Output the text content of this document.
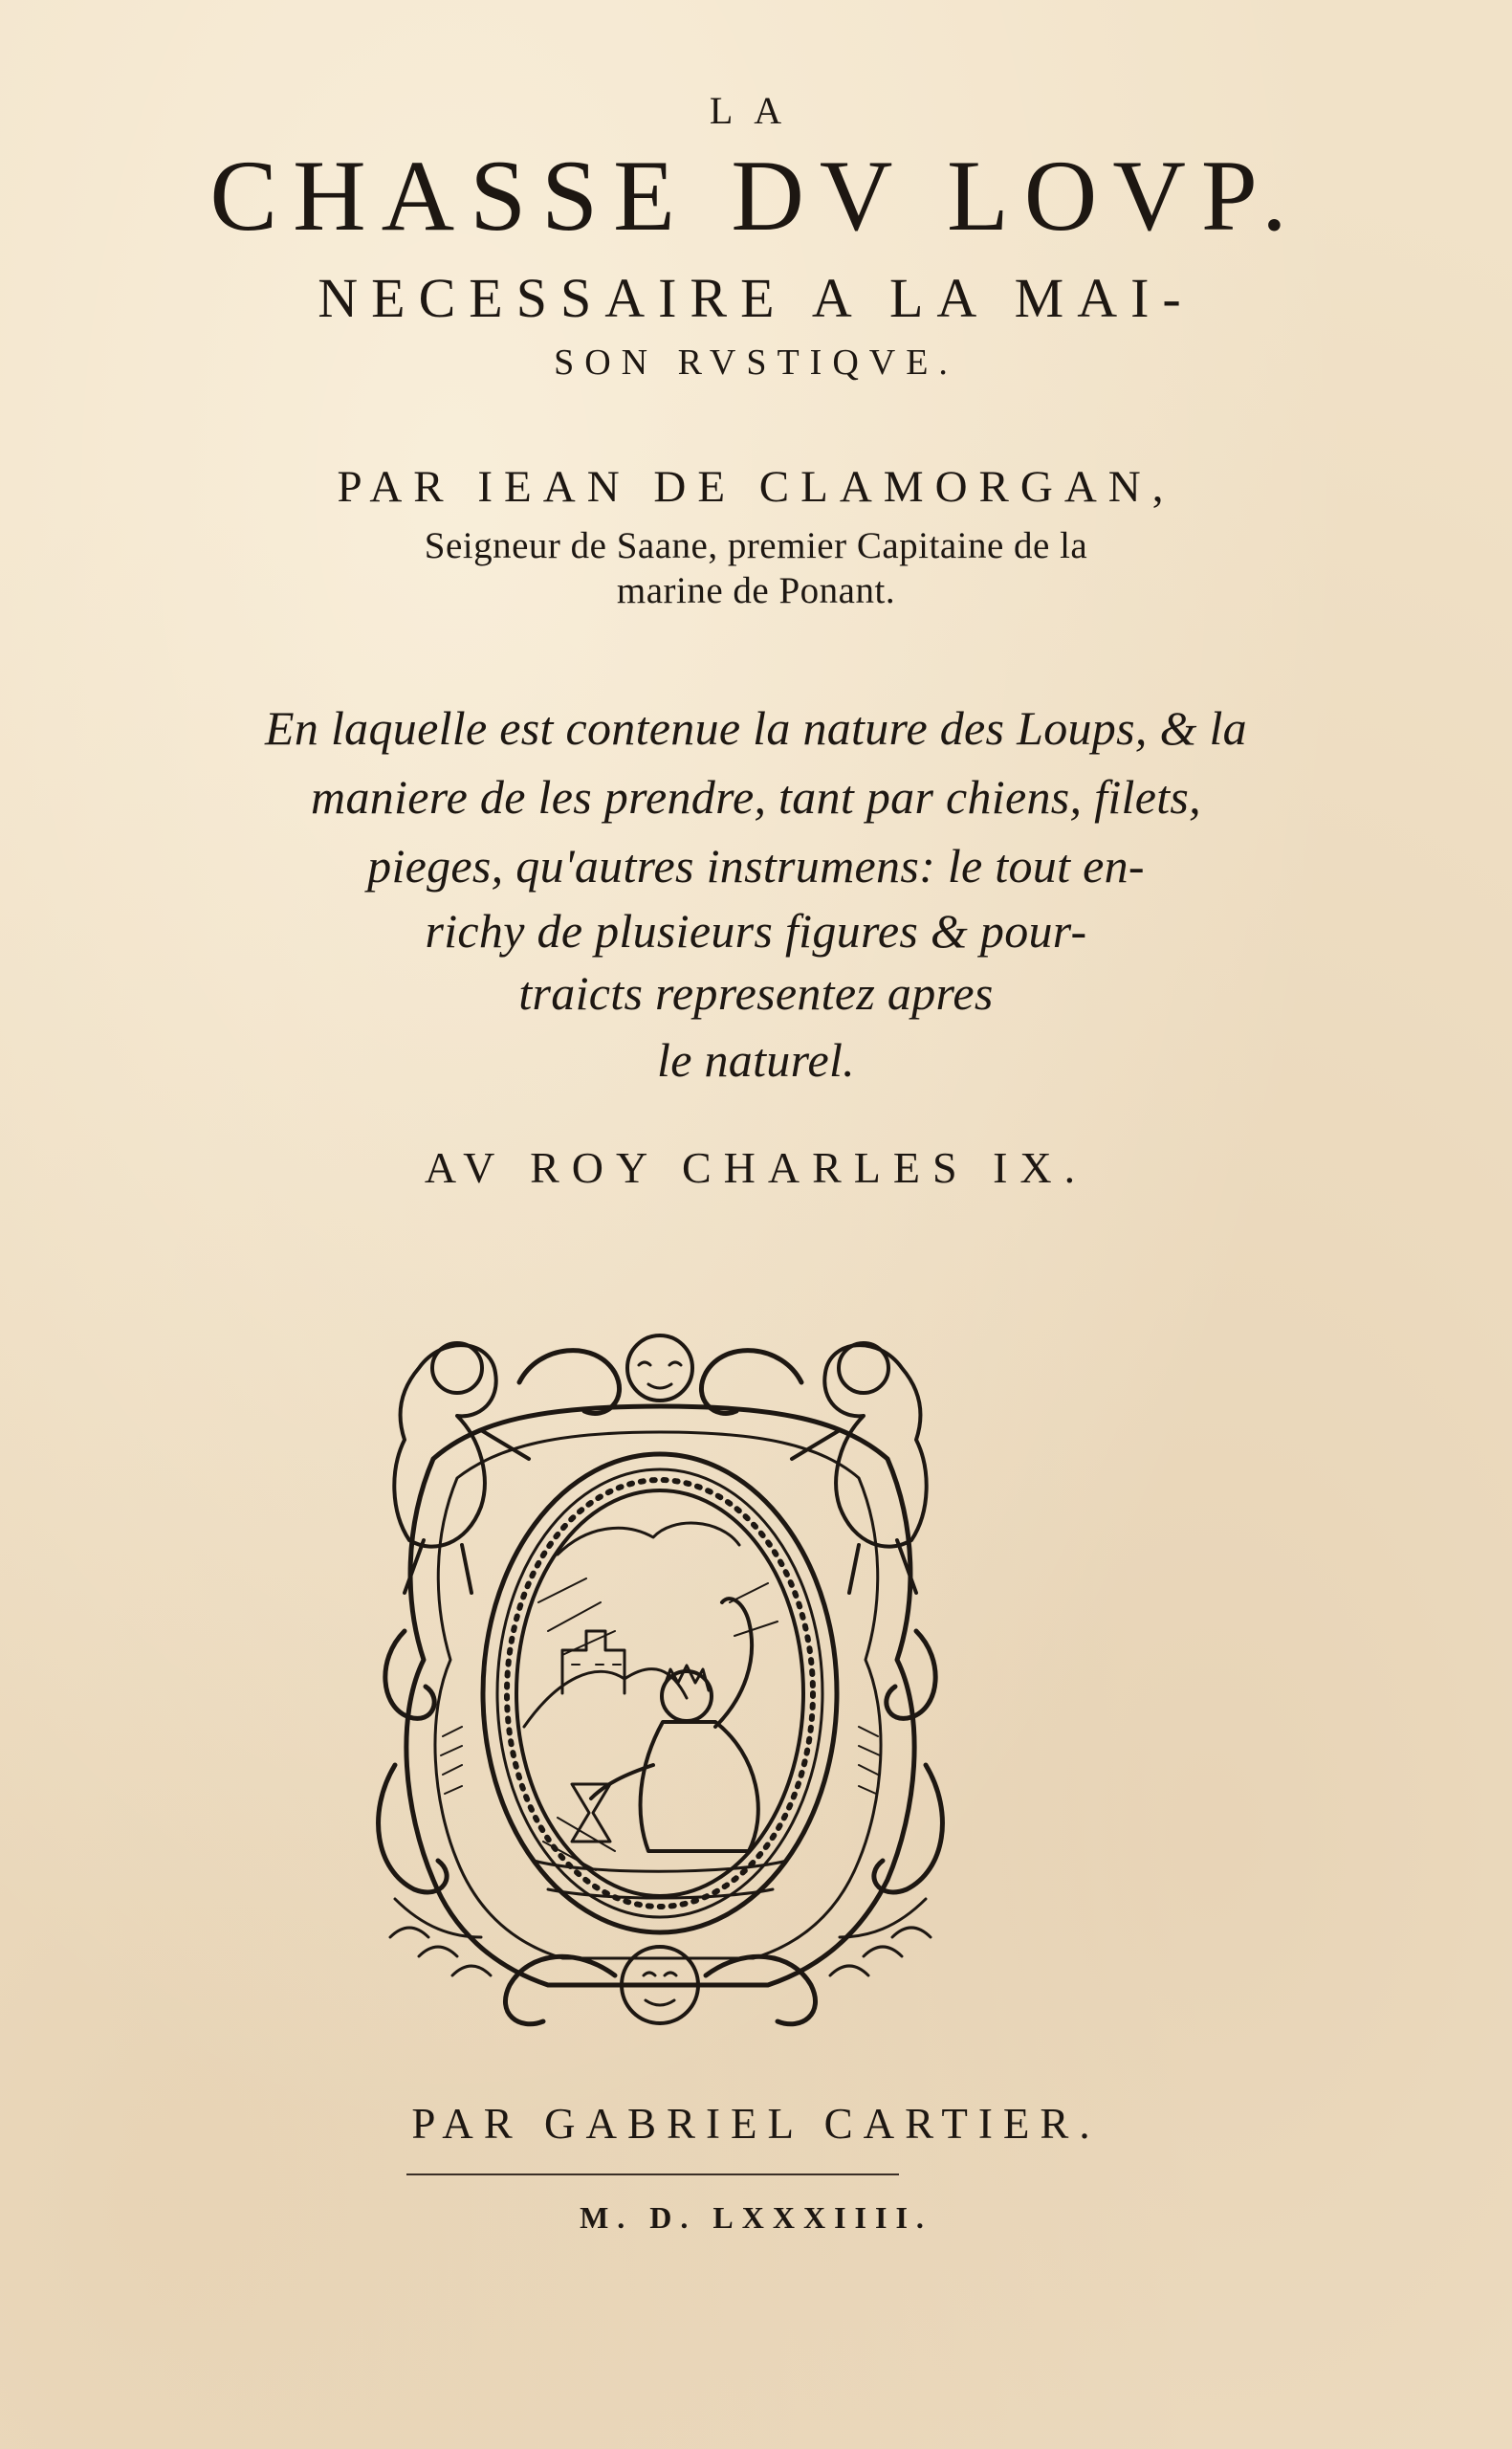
LA
CHASSE DV LOVP.
NECESSAIRE A LA MAI-
SON RVSTIQVE.
PAR IEAN DE CLAMORGAN,
Seigneur de Saane, premier Capitaine de la
marine de Ponant.
En laquelle est contenue la nature des Loups, & la
maniere de les prendre, tant par chiens, filets,
pieges, qu'autres instrumens: le tout en-
richy de plusieurs figures & pour-
traicts representez apres
le naturel.
AV ROY CHARLES IX.
PAR GABRIEL CARTIER.
M. D. LXXXIIII.
